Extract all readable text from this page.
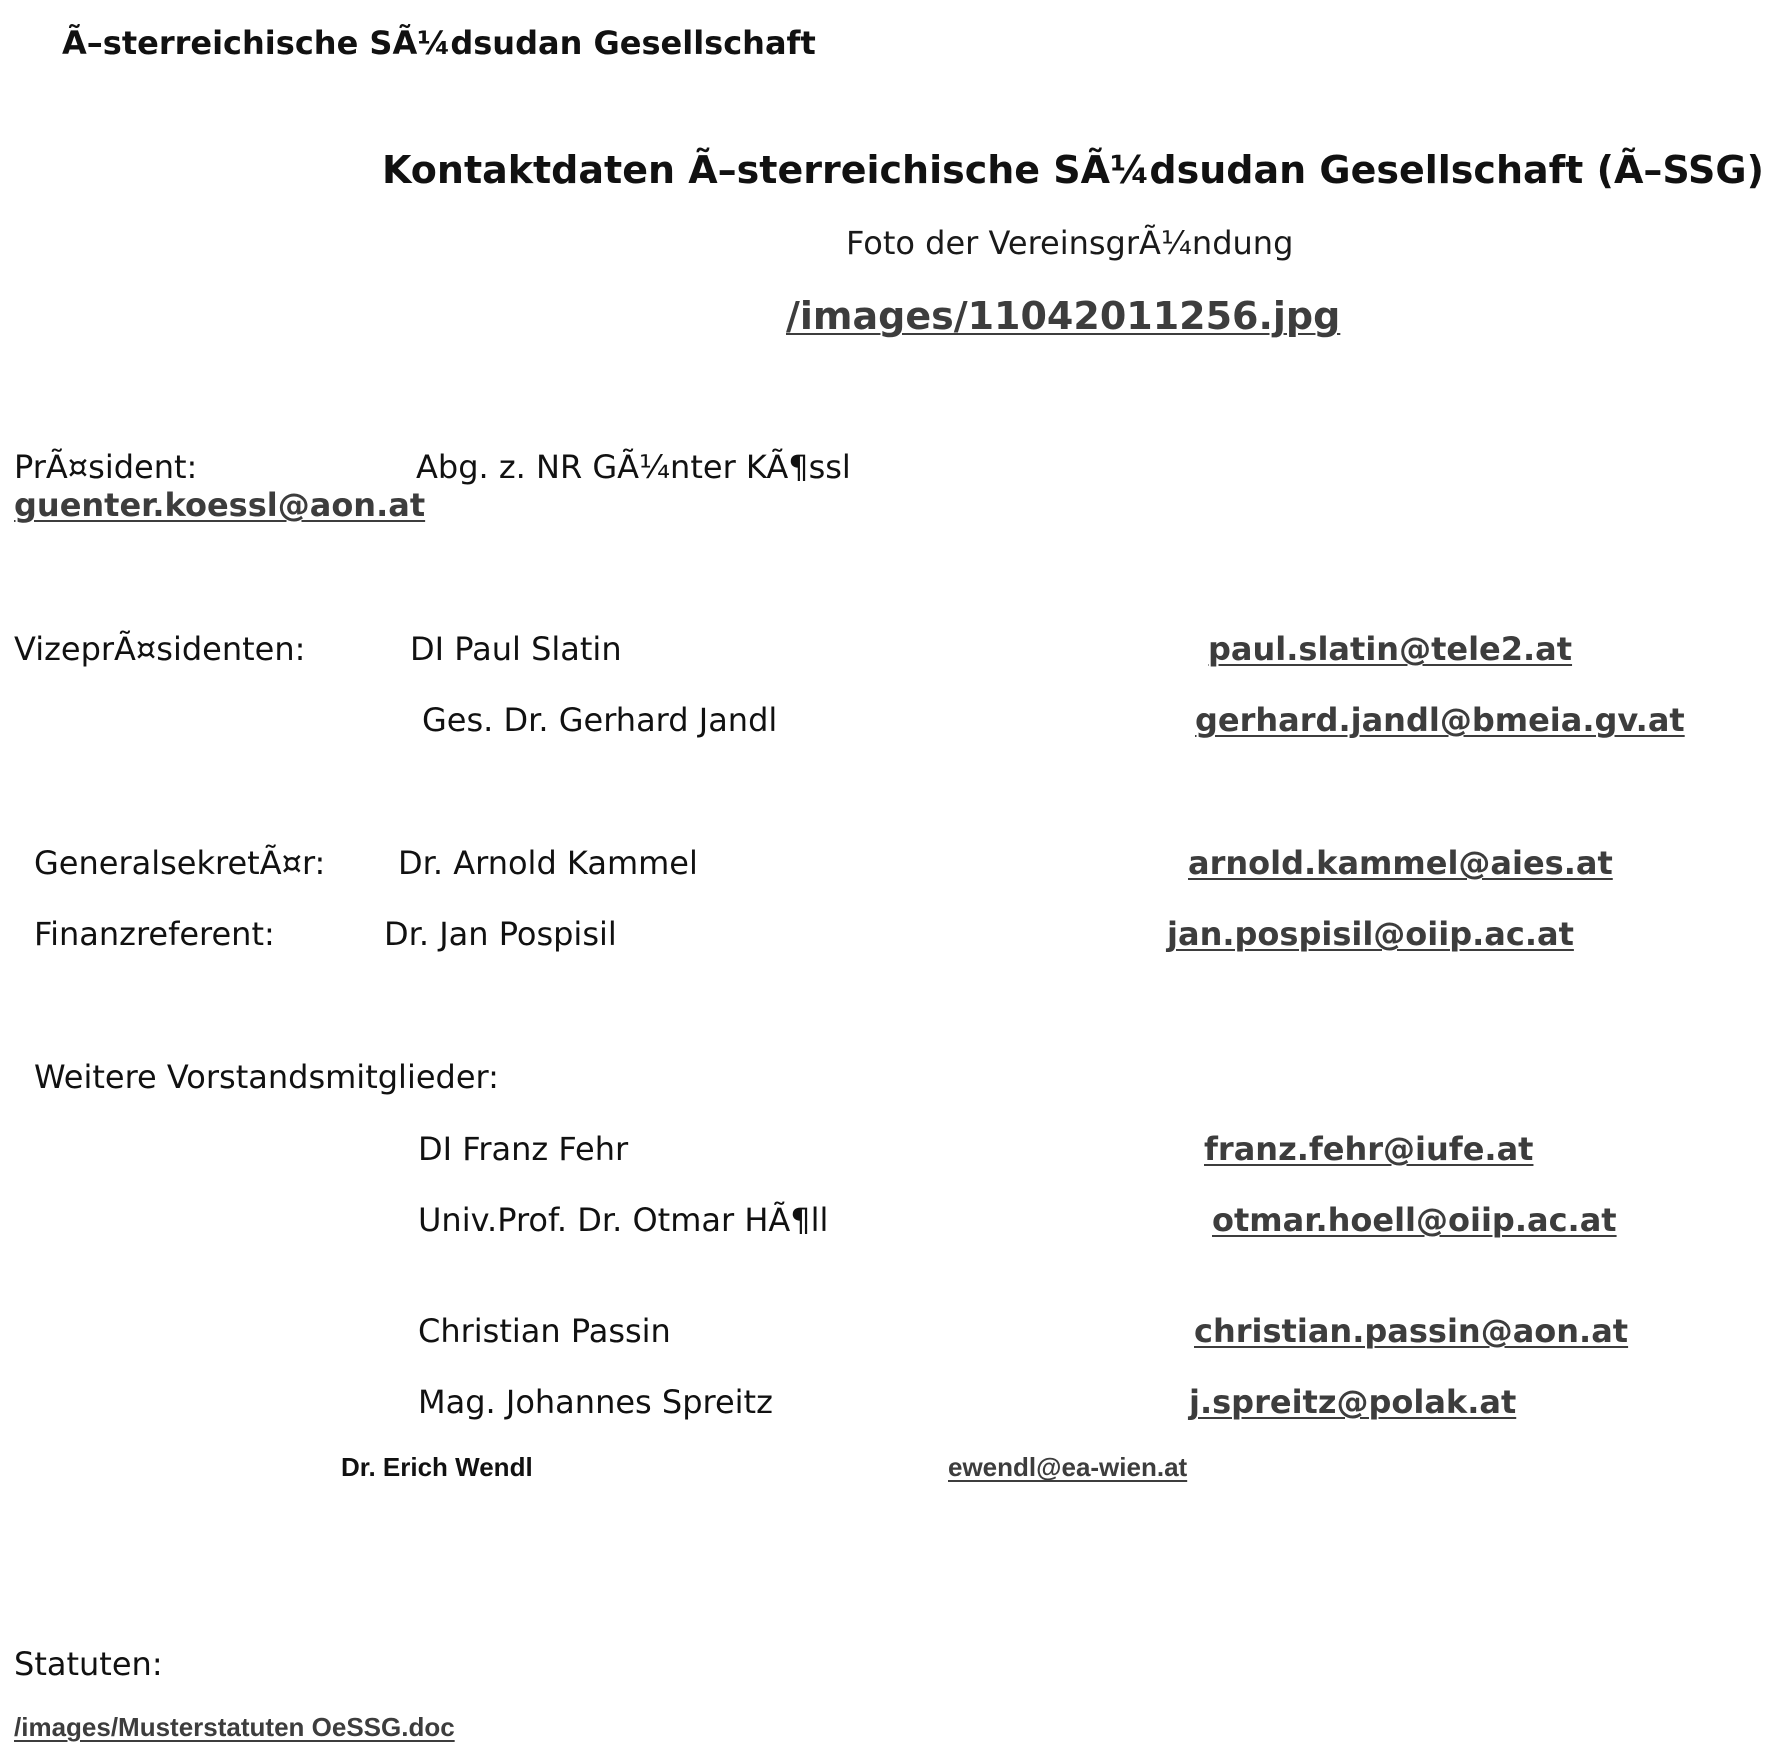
Ã–sterreichische SÃ¼dsudan Gesellschaft
Kontaktdaten Ã–sterreichische SÃ¼dsudan Gesellschaft (Ã–SSG)
Foto der VereinsgrÃ¼ndung
/images/11042011256.jpg
PrÃ¤sident:	Abg. z. NR GÃ¼nter KÃ¶ssl
guenter.koessl@aon.at
VizeprÃ¤sidenten:	DI Paul Slatin	paul.slatin@tele2.at
Ges. Dr. Gerhard Jandl	gerhard.jandl@bmeia.gv.at
GeneralsekretÃ¤r: Dr. Arnold Kammel	arnold.kammel@aies.at
Finanzreferent:	Dr. Jan Pospisil	jan.pospisil@oiip.ac.at
Weitere Vorstandsmitglieder:
DI Franz Fehr	franz.fehr@iufe.at
Univ.Prof. Dr. Otmar HÃ¶ll	otmar.hoell@oiip.ac.at
Christian Passin	christian.passin@aon.at
Mag. Johannes Spreitz	j.spreitz@polak.at
Dr. Erich Wendl	ewendl@ea-wien.at
Statuten:
/images/Musterstatuten OeSSG.doc
